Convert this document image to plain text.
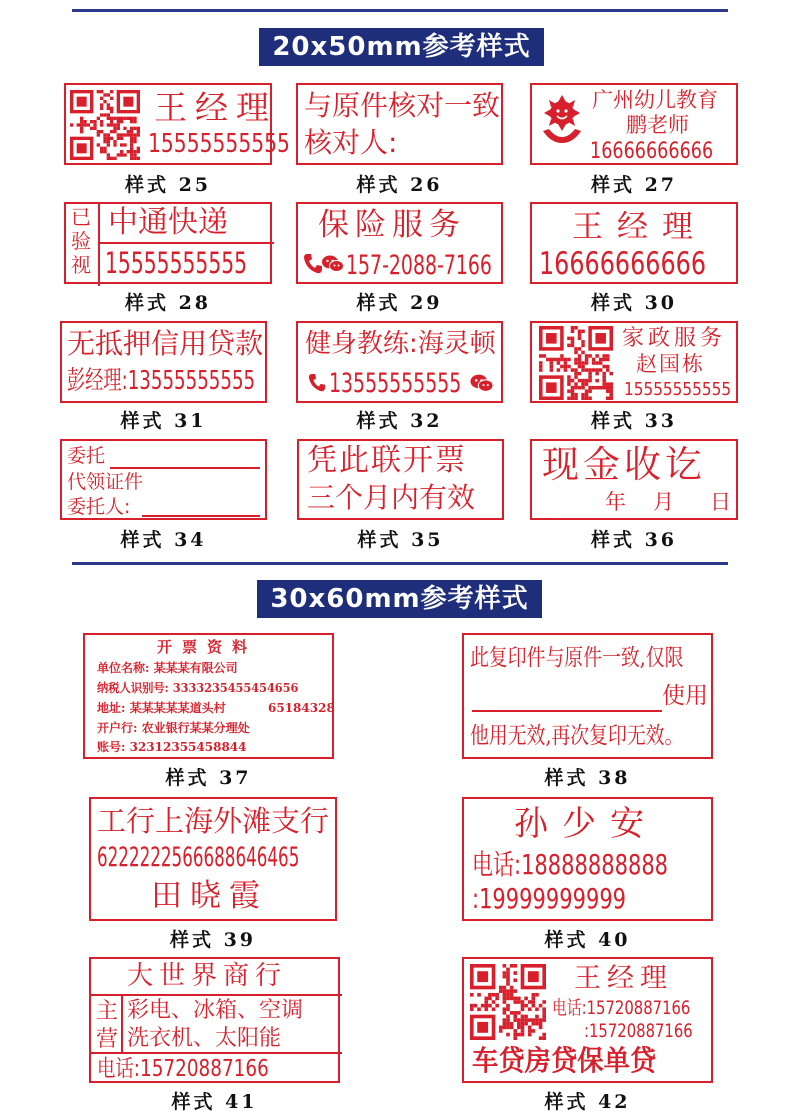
20x50mm参考样式
王经理
15555555555
样式 25
与原件核对一致
核对人:
样式 26
广州幼儿教育
鹏老师
16666666666
样式 27
已
验
视
中通快递
15555555555
样式 28
保险服务
157-2088-7166
样式 29
王经理
16666666666
样式 30
无抵押信用贷款
彭经理:13555555555
样式 31
健身教练:海灵顿
13555555555
样式 32
家政服务
赵国栋
15555555555
样式 33
委托
代领证件
委托人:
样式 34
凭此联开票
三个月内有效
样式 35
现金收讫
年 月 日
样式 36
30x60mm参考样式
开票资料
单位名称: 某某某有限公司
纳税人识别号: 3333235455454656
地址: 某某某某某道头村	65184328
开户行: 农业银行某某分理处
账号: 32312355458844
样式 37
此复印件与原件一致,仅限
使用
他用无效,再次复印无效。
样式 38
工行上海外滩支行
6222222566688646465
田晓霞
样式 39
孙少安
电话:18888888888
:19999999999
样式 40
大世界商行
主
营
彩电、冰箱、空调
洗衣机、太阳能
电话:15720887166
样式 41
王经理
电话:15720887166
:15720887166
车贷房贷保单贷
样式 42
